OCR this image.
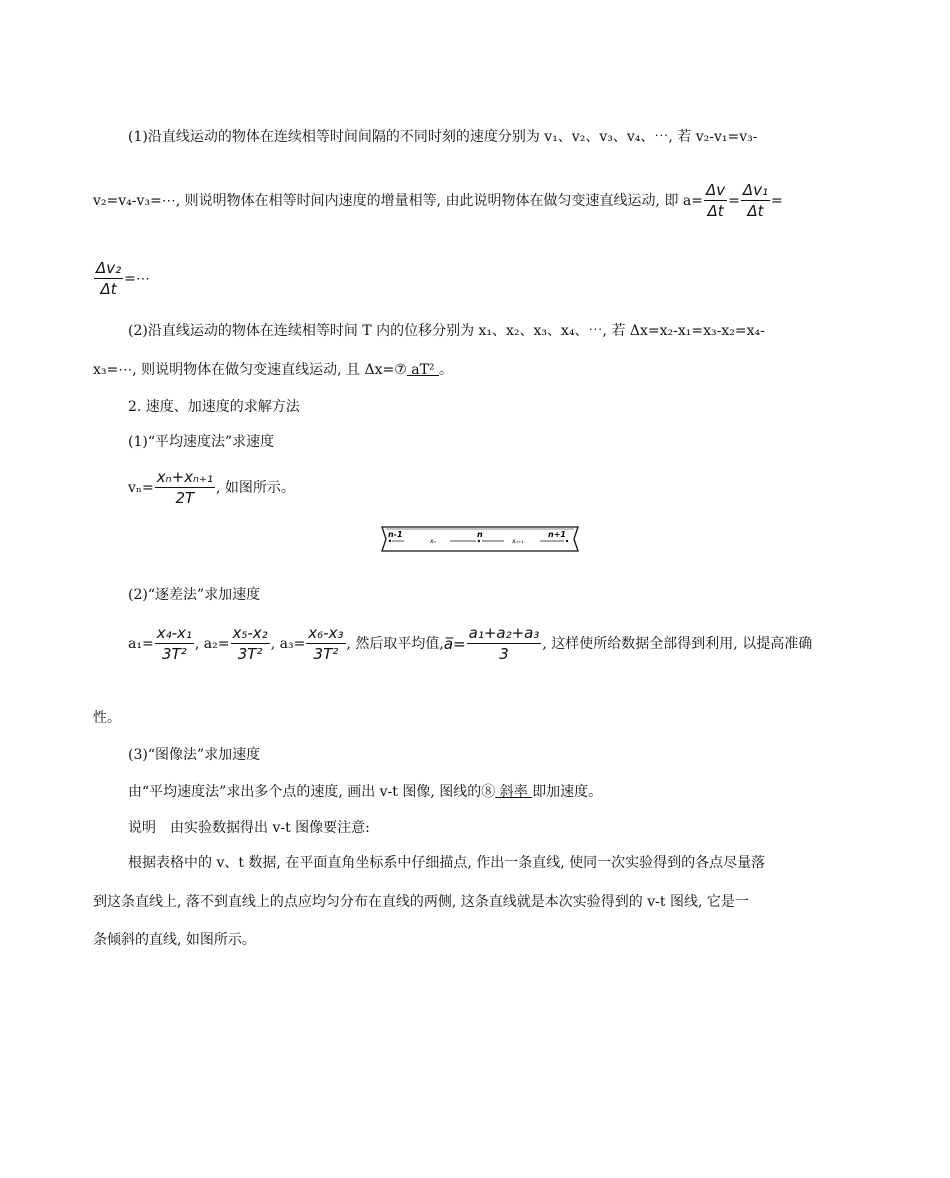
(1)沿直线运动的物体在连续相等时间间隔的不同时刻的速度分别为 v₁、v₂、v₃、v₄、⋯, 若 v₂-v₁=v₃-
v₂=v₄-v₃=⋯, 则说明物体在相等时间内速度的增量相等, 由此说明物体在做匀变速直线运动, 即 $a= \frac{\Delta v}{\Delta t} = \frac{\text{Δv₁}}{\Delta t}$ =
$\frac{\text{Δv₂}}{\Delta t}$ =⋯
(2)沿直线运动的物体在连续相等时间 T 内的位移分别为 x₁、x₂、x₃、x₄、⋯, 若 Δx=x₂-x₁=x₃-x₂=x₄-
x₃=⋯, 则说明物体在做匀变速直线运动, 且 Δx=⑦ aT² 。
2. 速度、加速度的求解方法
(1)“平均速度法”求速度
$v_n= \frac{\text{xₙ+xₙ₊₁}}{2T}$ , 如图所示。
n-1
xₙ
n
xₙ₊₁
n+1
(2)“逐差法”求加速度
$a_1= \frac{\text{x₄-x₁}}{\text{3T²}}$ , $a_2= \frac{\text{x₅-x₂}}{\text{3T²}}$ , $a_3= \frac{\text{x₆-x₃}}{\text{3T²}}$ , 然后取平均值, a̅= $\frac{\text{a₁+a₂+a₃}}{3}$ , 这样使所给数据全部得到利用, 以提高准确
性。
(3)“图像法”求加速度
由“平均速度法”求出多个点的速度, 画出 v-t 图像, 图线的⑧ 斜率 即加速度。
说明　由实验数据得出 v-t 图像要注意:
根据表格中的 v、t 数据, 在平面直角坐标系中仔细描点, 作出一条直线, 使同一次实验得到的各点尽量落
到这条直线上, 落不到直线上的点应均匀分布在直线的两侧, 这条直线就是本次实验得到的 v-t 图线, 它是一
条倾斜的直线, 如图所示。
